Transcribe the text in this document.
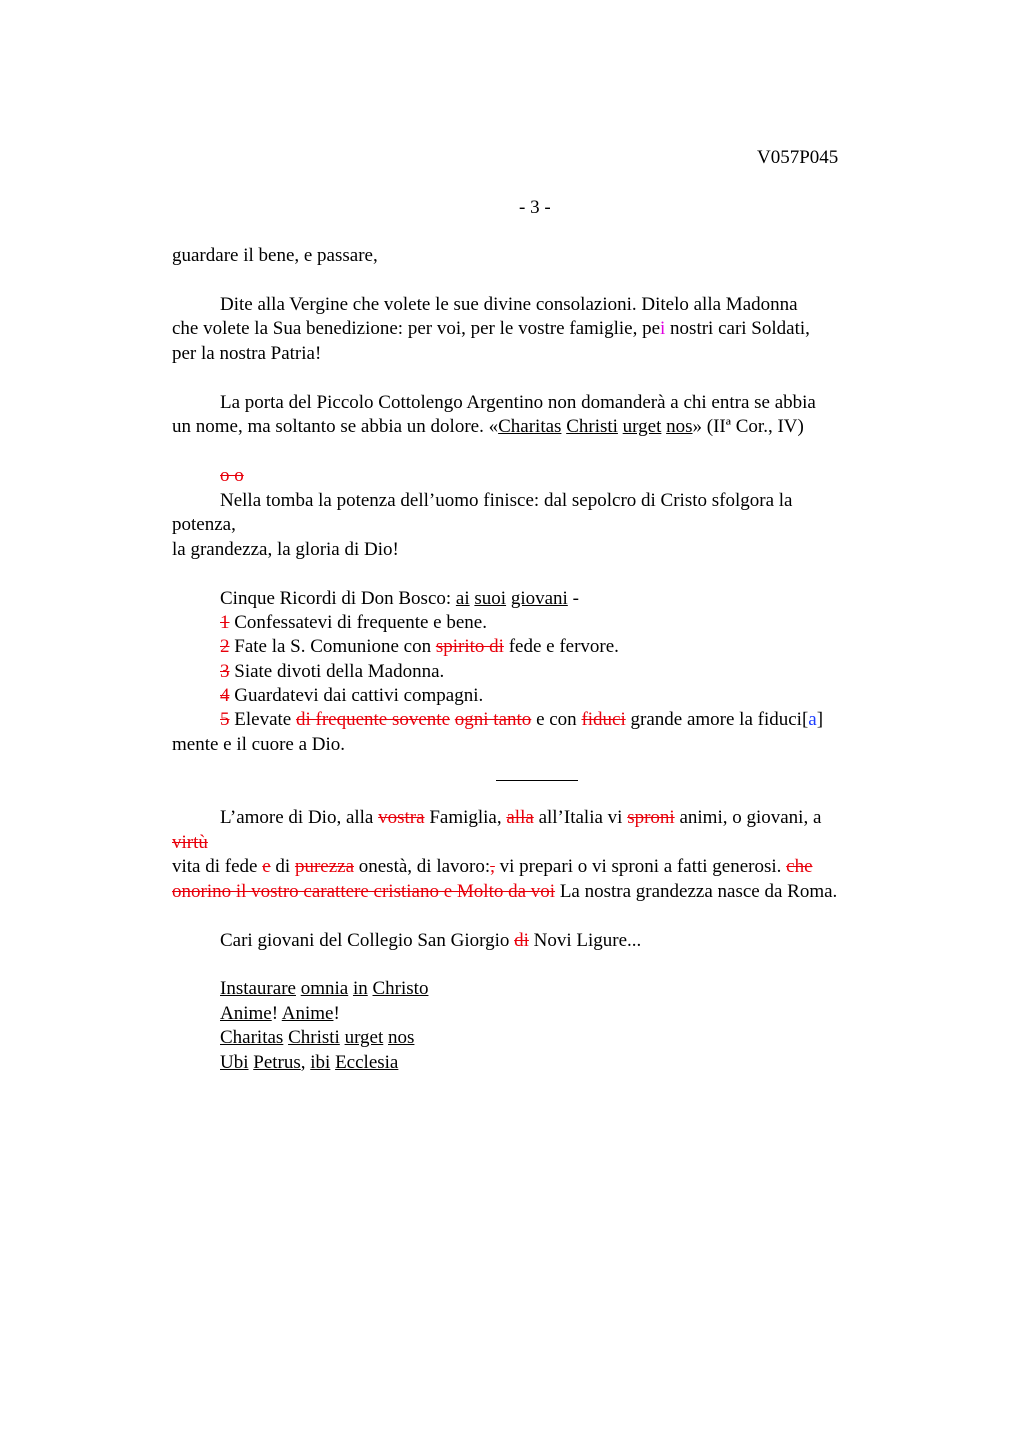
V057P045
- 3 -
guardare il bene, e passare,
Dite alla Vergine che volete le sue divine consolazioni. Ditelo alla Madonna
che volete la Sua benedizione: per voi, per le vostre famiglie, pei nostri cari Soldati,
per la nostra Patria!
La porta del Piccolo Cottolengo Argentino non domanderà a chi entra se abbia
un nome, ma soltanto se abbia un dolore. «Charitas Christi urget nos» (IIª Cor., IV)
o o
Nella tomba la potenza dell’uomo finisce: dal sepolcro di Cristo sfolgora la
potenza,
la grandezza, la gloria di Dio!
Cinque Ricordi di Don Bosco: ai suoi giovani -
1 Confessatevi di frequente e bene.
2 Fate la S. Comunione con spirito di fede e fervore.
3 Siate divoti della Madonna.
4 Guardatevi dai cattivi compagni.
5 Elevate di frequente sovente ogni tanto e con fiduci grande amore la fiduci[a]
mente e il cuore a Dio.
L’amore di Dio, alla vostra Famiglia, alla all’Italia vi sproni animi, o giovani, a
virtù
vita di fede e di purezza onestà, di lavoro:, vi prepari o vi sproni a fatti generosi. che
onorino il vostro carattere cristiano e Molto da voi La nostra grandezza nasce da Roma.
Cari giovani del Collegio San Giorgio di Novi Ligure...
Instaurare omnia in Christo
Anime! Anime!
Charitas Christi urget nos
Ubi Petrus, ibi Ecclesia
